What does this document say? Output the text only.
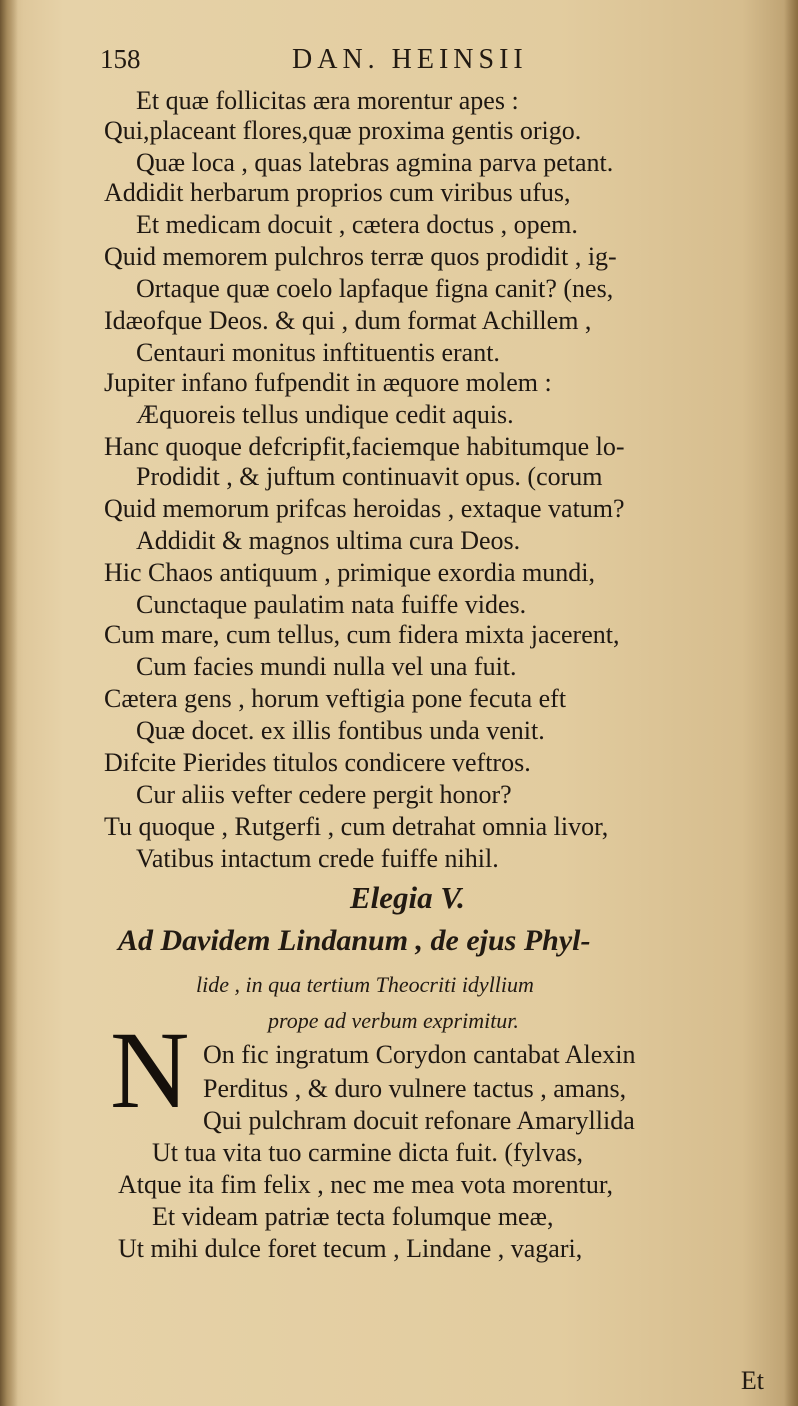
158	DAN. HEINSII
Et quæ follicitas æra morentur apes :
Qui,placeant flores,quæ proxima gentis origo.
Quæ loca , quas latebras agmina parva petant.
Addidit herbarum proprios cum viribus ufus,
Et medicam docuit , cætera doctus , opem.
Quid memorem pulchros terræ quos prodidit , ig-
Ortaque quæ coelo lapfaque figna canit? (nes,
Idæofque Deos. & qui , dum format Achillem ,
Centauri monitus inftituentis erant.
Jupiter infano fufpendit in æquore molem :
Æquoreis tellus undique cedit aquis.
Hanc quoque defcripfit,faciemque habitumque lo-
Prodidit , & juftum continuavit opus. (corum
Quid memorum prifcas heroidas , extaque vatum?
Addidit & magnos ultima cura Deos.
Hic Chaos antiquum , primique exordia mundi,
Cunctaque paulatim nata fuiffe vides.
Cum mare, cum tellus, cum fidera mixta jacerent,
Cum facies mundi nulla vel una fuit.
Cætera gens , horum veftigia pone fecuta eft
Quæ docet. ex illis fontibus unda venit.
Difcite Pierides titulos condicere veftros.
Cur aliis vefter cedere pergit honor?
Tu quoque , Rutgerfi , cum detrahat omnia livor,
Vatibus intactum crede fuiffe nihil.
Elegia V.
Ad Davidem Lindanum , de ejus Phyl-
lide , in qua tertium Theocriti idyllium
prope ad verbum exprimitur.
N On fic ingratum Corydon cantabat Alexin
Perditus , & duro vulnere tactus , amans,
Qui pulchram docuit refonare Amaryllida
Ut tua vita tuo carmine dicta fuit. (fylvas,
Atque ita fim felix , nec me mea vota morentur,
Et videam patriæ tecta folumque meæ,
Ut mihi dulce foret tecum , Lindane , vagari,
Et
